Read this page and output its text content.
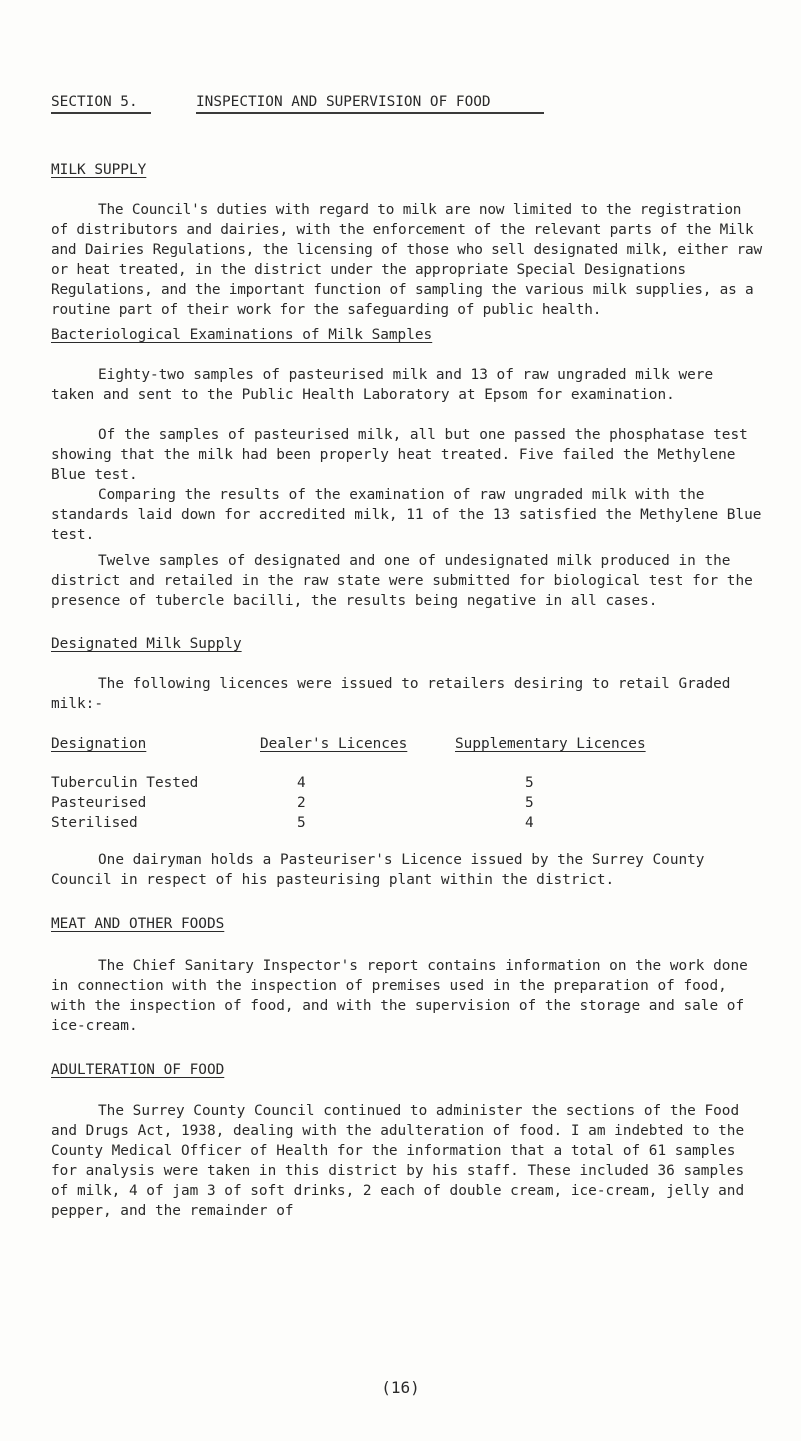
SECTION 5.	INSPECTION AND SUPERVISION OF FOOD
MILK SUPPLY

The Council's duties with regard to milk are now limited to the registration of distributors and dairies, with the enforcement of the relevant parts of the Milk and Dairies Regulations, the licensing of those who sell designated milk, either raw or heat treated, in the district under the appropriate Special Designations Regulations, and the important function of sampling the various milk supplies, as a routine part of their work for the safeguarding of public health.

Bacteriological Examinations of Milk Samples

Eighty-two samples of pasteurised milk and 13 of raw ungraded milk were taken and sent to the Public Health Laboratory at Epsom for examination.

Of the samples of pasteurised milk, all but one passed the phosphatase test showing that the milk had been properly heat treated. Five failed the Methylene Blue test.

Comparing the results of the examination of raw ungraded milk with the standards laid down for accredited milk, 11 of the 13 satisfied the Methylene Blue test.

Twelve samples of designated and one of undesignated milk produced in the district and retailed in the raw state were submitted for biological test for the presence of tubercle bacilli, the results being negative in all cases.

Designated Milk Supply

The following licences were issued to retailers desiring to retail Graded milk:-

Designation	Dealer's Licences	Supplementary Licences
Tuberculin Tested	4	5
Pasteurised	2	5
Sterilised	5	4

One dairyman holds a Pasteuriser's Licence issued by the Surrey County Council in respect of his pasteurising plant within the district.

MEAT AND OTHER FOODS

The Chief Sanitary Inspector's report contains information on the work done in connection with the inspection of premises used in the preparation of food, with the inspection of food, and with the supervision of the storage and sale of ice-cream.

ADULTERATION OF FOOD

The Surrey County Council continued to administer the sections of the Food and Drugs Act, 1938, dealing with the adulteration of food. I am indebted to the County Medical Officer of Health for the information that a total of 61 samples for analysis were taken in this district by his staff. These included 36 samples of milk, 4 of jam 3 of soft drinks, 2 each of double cream, ice-cream, jelly and pepper, and the remainder of

(16)
